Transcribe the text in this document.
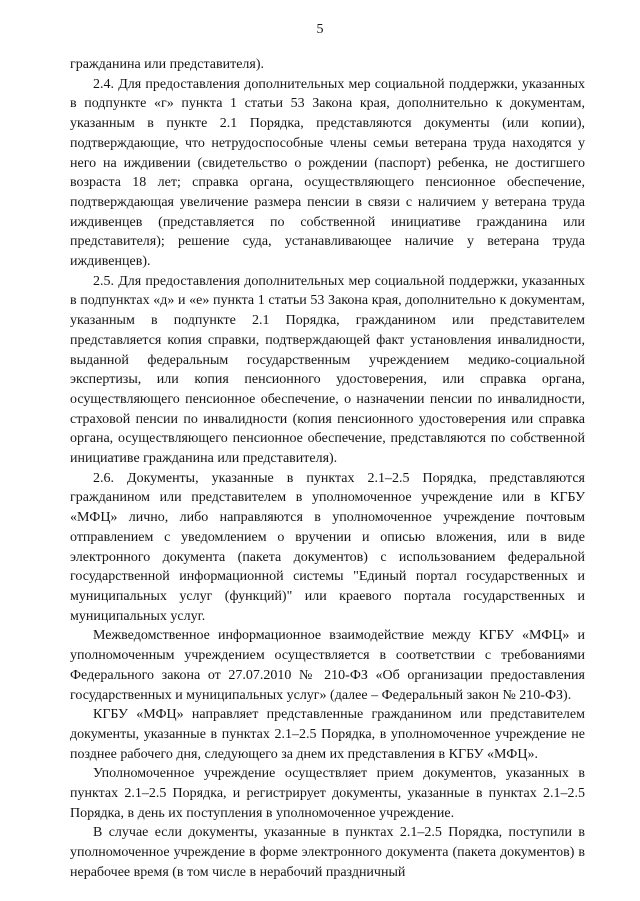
5

гражданина или представителя).

2.4. Для предоставления дополнительных мер социальной поддержки, указанных в подпункте «г» пункта 1 статьи 53 Закона края, дополнительно к документам, указанным в пункте 2.1 Порядка, представляются документы (или копии), подтверждающие, что нетрудоспособные члены семьи ветерана труда находятся у него на иждивении (свидетельство о рождении (паспорт) ребенка, не достигшего возраста 18 лет; справка органа, осуществляющего пенсионное обеспечение, подтверждающая увеличение размера пенсии в связи с наличием у ветерана труда иждивенцев (представляется по собственной инициативе гражданина или представителя); решение суда, устанавливающее наличие у ветерана труда иждивенцев).

2.5. Для предоставления дополнительных мер социальной поддержки, указанных в подпунктах «д» и «е» пункта 1 статьи 53 Закона края, дополнительно к документам, указанным в подпункте 2.1 Порядка, гражданином или представителем представляется копия справки, подтверждающей факт установления инвалидности, выданной федеральным государственным учреждением медико-социальной экспертизы, или копия пенсионного удостоверения, или справка органа, осуществляющего пенсионное обеспечение, о назначении пенсии по инвалидности, страховой пенсии по инвалидности (копия пенсионного удостоверения или справка органа, осуществляющего пенсионное обеспечение, представляются по собственной инициативе гражданина или представителя).

2.6. Документы, указанные в пунктах 2.1–2.5 Порядка, представляются гражданином или представителем в уполномоченное учреждение или в КГБУ «МФЦ» лично, либо направляются в уполномоченное учреждение почтовым отправлением с уведомлением о вручении и описью вложения, или в виде электронного документа (пакета документов) с использованием федеральной государственной информационной системы "Единый портал государственных и муниципальных услуг (функций)" или краевого портала государственных и муниципальных услуг.

Межведомственное информационное взаимодействие между КГБУ «МФЦ» и уполномоченным учреждением осуществляется в соответствии с требованиями Федерального закона от 27.07.2010 № 210-ФЗ «Об организации предоставления государственных и муниципальных услуг» (далее – Федеральный закон № 210-ФЗ).

КГБУ «МФЦ» направляет представленные гражданином или представителем документы, указанные в пунктах 2.1–2.5 Порядка, в уполномоченное учреждение не позднее рабочего дня, следующего за днем их представления в КГБУ «МФЦ».

Уполномоченное учреждение осуществляет прием документов, указанных в пунктах 2.1–2.5 Порядка, и регистрирует документы, указанные в пунктах 2.1–2.5 Порядка, в день их поступления в уполномоченное учреждение.

В случае если документы, указанные в пунктах 2.1–2.5 Порядка, поступили в уполномоченное учреждение в форме электронного документа (пакета документов) в нерабочее время (в том числе в нерабочий праздничный
